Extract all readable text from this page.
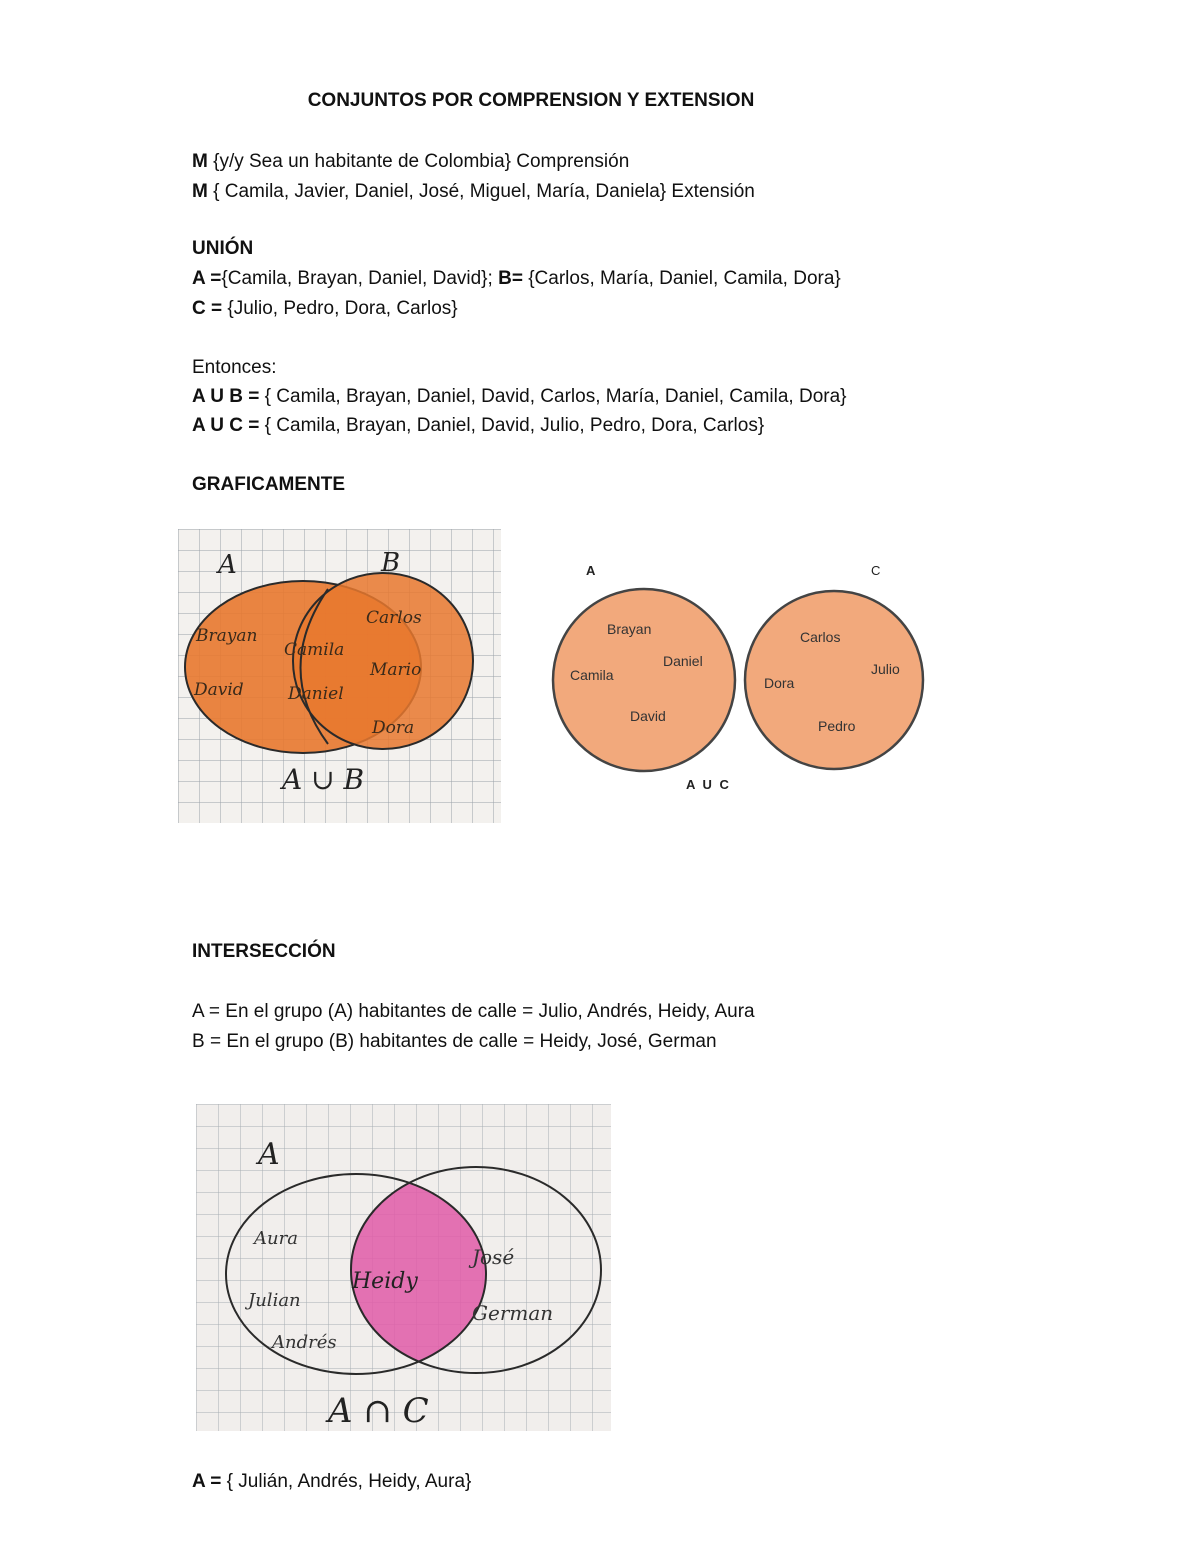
CONJUNTOS POR COMPRENSION Y EXTENSION
M {y/y Sea un habitante de Colombia} Comprensión
M { Camila, Javier, Daniel, José, Miguel, María, Daniela} Extensión
UNIÓN
A ={Camila, Brayan, Daniel, David}; B= {Carlos, María, Daniel, Camila, Dora}
C = {Julio, Pedro, Dora, Carlos}
Entonces:
A U B = { Camila, Brayan, Daniel, David, Carlos, María, Daniel, Camila, Dora}
A U C = { Camila, Brayan, Daniel, David, Julio, Pedro, Dora, Carlos}
GRAFICAMENTE
A	B
Brayan
David
Camila
Daniel
Carlos
Mario
Dora
A ∪ B
A	C
Brayan
Camila
Daniel
David
Carlos
Julio
Dora
Pedro
A U C
INTERSECCIÓN
A = En el grupo (A) habitantes de calle = Julio, Andrés, Heidy, Aura
B = En el grupo (B) habitantes de calle = Heidy, José, German
A
Aura
Julian
Andrés
Heidy
José
German
A ∩ C
A = { Julián, Andrés, Heidy, Aura}
